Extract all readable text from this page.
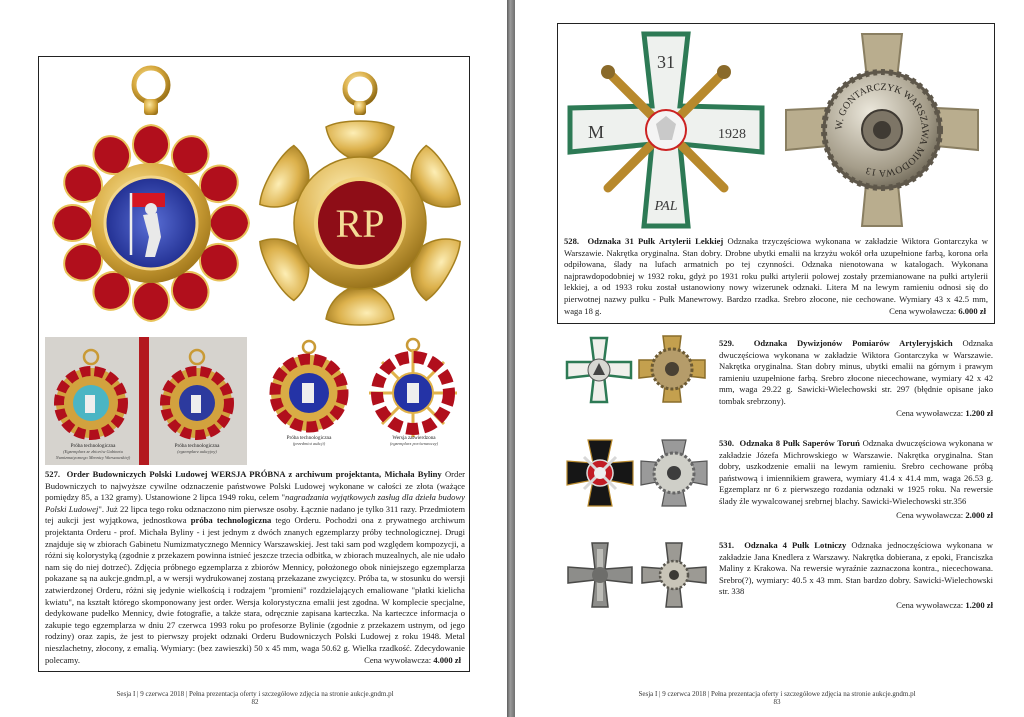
RP
Próba technologiczna
(Egzemplarz ze zbiorów Gabinetu Numizmatycznego Mennicy Warszawskiej)
Próba technologiczna
(egzemplarz aukcyjny)
Próba technologiczna
(przedmiot aukcji)
Wersja zatwierdzona
(egzemplarz porównawczy)
527. Order Budowniczych Polski Ludowej WERSJA PRÓBNA z archiwum projektanta, Michała Byliny Order Budowniczych to najwyższe cywilne odznaczenie państwowe Polski Ludowej wykonane w całości ze złota (ważące pomiędzy 85, a 132 gramy). Ustanowione 2 lipca 1949 roku, celem "nagradzania wyjątkowych zasług dla dzieła budowy Polski Ludowej". Już 22 lipca tego roku odznaczono nim pierwsze osoby. Łącznie nadano je tylko 311 razy. Przedmiotem tej aukcji jest wyjątkowa, jednostkowa próba technologiczna tego Orderu. Pochodzi ona z prywatnego archiwum projektanta Orderu - prof. Michała Byliny - i jest jednym z dwóch znanych egzemplarzy próby technologicznej. Drugi znajduje się w zbiorach Gabinetu Numizmatycznego Mennicy Warszawskiej. Jest taki sam pod względem kompozycji, a różni się kolorystyką (zgodnie z przekazem powinna istnieć jeszcze trzecia odbitka, w zbiorach muzealnych, ale nie udało nam się do niej dotrzeć). Zdjęcia próbnego egzemplarza z zbiorów Mennicy, położonego obok niniejszego egzemplarza pokazane są na aukcje.gndm.pl, a w wersji wydrukowanej zostaną przekazane zwycięzcy. Próba ta, w stosunku do wersji zatwierdzonej Orderu, różni się jedynie wielkością i rodzajem "promieni" rozdzielających emaliowane "płatki kielicha kwiatu", na kształt którego skomponowany jest order. Wersja kolorystyczna emalii jest zgodna. W komplecie specjalne, dedykowane pudełko Mennicy, dwie fotografie, a także stara, odręcznie zapisana karteczka. Na karteczce informacja o zakupie tego egzemplarza w dniu 27 czerwca 1993 roku po profesorze Bylinie (zgodnie z przekazem ustnym, od jego rodziny) oraz zapis, że jest to pierwszy projekt odznaki Orderu Budowniczych Polski Ludowej z roku 1948. Metal nieszlachetny, złocony, z emalią. Wymiary: (bez zawieszki) 50 x 45 mm, waga 50.62 g. Wielka rzadkość. Zdecydowanie polecamy.	Cena wywoławcza: 4.000 zł
Sesja I | 9 czerwca 2018 | Pełna prezentacja oferty i szczegółowe zdjęcia na stronie aukcje.gndm.pl
82
31
M	1928
PAL
W. GONTARCZYK WARSZAWA MIODOWA 13
528. Odznaka 31 Pułk Artylerii Lekkiej Odznaka trzyczęściowa wykonana w zakładzie Wiktora Gontarczyka w Warszawie. Nakrętka oryginalna. Stan dobry. Drobne ubytki emalii na krzyżu wokół orła uzupełnione farbą, korona orła odpiłowana, ślady na lufach armatnich po tej czynności. Odznaka nienotowana w katalogach. Wykonana najprawdopodobniej w 1932 roku, gdyż po 1931 roku pułki artylerii polowej zostały przemianowane na pułki artylerii lekkiej, a od 1933 roku został ustanowiony nowy wizerunek odznaki. Litera M na lewym ramieniu odnosi się do pierwotnej nazwy pułku - Pułk Manewrowy. Bardzo rzadka. Srebro złocone, nie cechowane. Wymiary 43 x 42.5 mm, waga 18 g.	Cena wywoławcza: 6.000 zł
529. Odznaka Dywizjonów Pomiarów Artyleryjskich Odznaka dwuczęściowa wykonana w zakładzie Wiktora Gontarczyka w Warszawie. Nakrętka oryginalna. Stan dobry minus, ubytki emalii na górnym i prawym ramieniu uzupełnione farbą. Srebro złocone niecechowane, wymiary 42 x 42 mm, waga 29.22 g. Sawicki-Wielechowski str. 297 (błędnie opisane jako tombak srebrzony).
Cena wywoławcza: 1.200 zł
530. Odznaka 8 Pułk Saperów Toruń Odznaka dwuczęściowa wykonana w zakładzie Józefa Michrowskiego w Warszawie. Nakrętka oryginalna. Stan dobry, uszkodzenie emalii na lewym ramieniu. Srebro cechowane próbą państwową i imiennikiem grawera, wymiary 41.4 x 41.4 mm, waga 26.53 g. Egzemplarz nr 6 z pierwszego rozdania odznaki w 1925 roku. Na rewersie ślady źle wywalcowanej srebrnej blachy. Sawicki-Wielechowski str.356
Cena wywoławcza: 2.000 zł
531. Odznaka 4 Pułk Lotniczy Odznaka jednoczęściowa wykonana w zakładzie Jana Knedlera z Warszawy. Nakrętka dobierana, z epoki, Franciszka Maliny z Krakowa. Na rewersie wyraźnie zaznaczona kontra., niecechowana. Srebro(?), wymiary: 40.5 x 43 mm. Stan bardzo dobry. Sawicki-Wielechowski str. 338
Cena wywoławcza: 1.200 zł
Sesja I | 9 czerwca 2018 | Pełna prezentacja oferty i szczegółowe zdjęcia na stronie aukcje.gndm.pl
83
